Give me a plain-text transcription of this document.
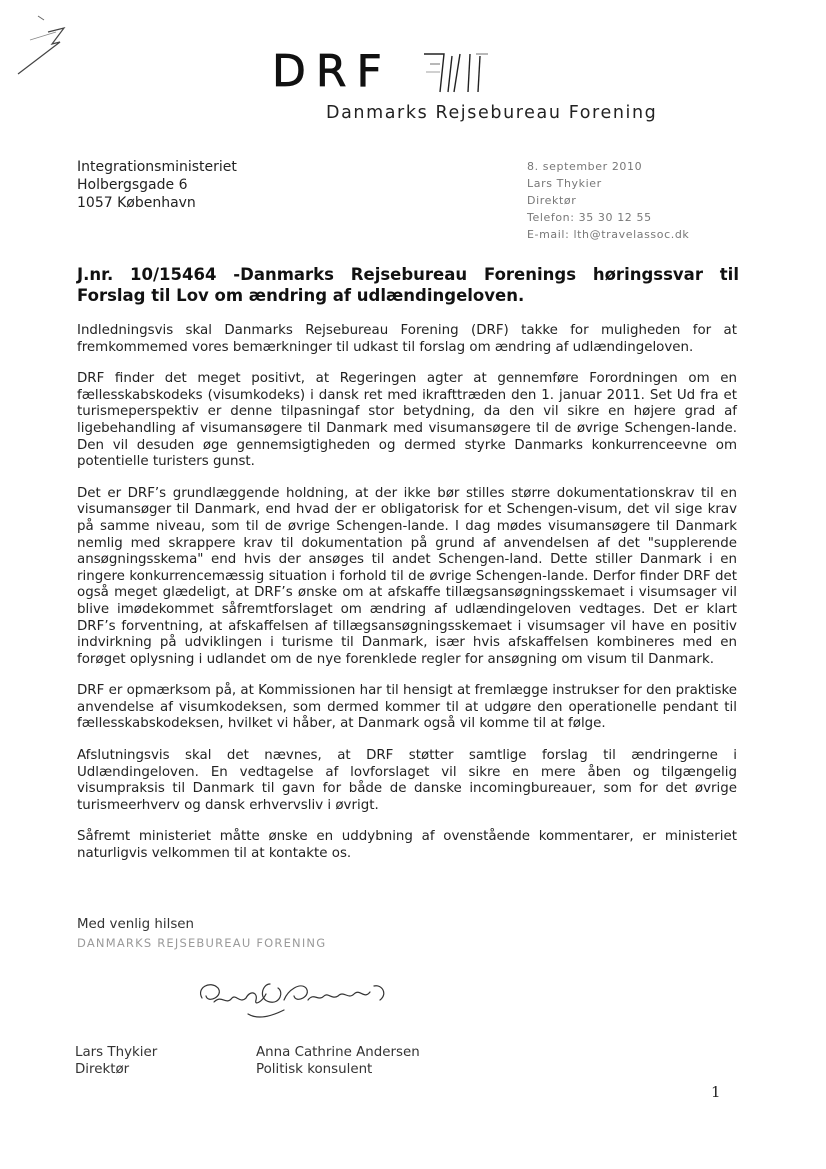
DRF
Danmarks Rejsebureau Forening
Integrationsministeriet
Holbergsgade 6
1057 København
8. september 2010
Lars Thykier
Direktør
Telefon: 35 30 12 55
E-mail: lth@travelassoc.dk
J.nr. 10/15464 -Danmarks Rejsebureau Forenings høringssvar til Forslag til Lov om ændring af udlændingeloven.

Indledningsvis skal Danmarks Rejsebureau Forening (DRF) takke for muligheden for at fremkommemed vores bemærkninger til udkast til forslag om ændring af udlændingeloven.

DRF finder det meget positivt, at Regeringen agter at gennemføre Forordningen om en fællesskabskodeks (visumkodeks) i dansk ret med ikrafttræden den 1. januar 2011. Set Ud fra et turismeperspektiv er denne tilpasningaf stor betydning, da den vil sikre en højere grad af ligebehandling af visumansøgere til Danmark med visumansøgere til de øvrige Schengen-lande. Den vil desuden øge gennemsigtigheden og dermed styrke Danmarks konkurrenceevne om potentielle turisters gunst.

Det er DRF’s grundlæggende holdning, at der ikke bør stilles større dokumentationskrav til en visumansøger til Danmark, end hvad der er obligatorisk for et Schengen-visum, det vil sige krav på samme niveau, som til de øvrige Schengen-lande. I dag mødes visumansøgere til Danmark nemlig med skrappere krav til dokumentation på grund af anvendelsen af det "supplerende ansøgningsskema" end hvis der ansøges til andet Schengen-land. Dette stiller Danmark i en ringere konkurrencemæssig situation i forhold til de øvrige Schengen-lande. Derfor finder DRF det også meget glædeligt, at DRF’s ønske om at afskaffe tillægsansøgningsskemaet i visumsager vil blive imødekommet såfremtforslaget om ændring af udlændingeloven vedtages. Det er klart DRF’s forventning, at afskaffelsen af tillægsansøgningsskemaet i visumsager vil have en positiv indvirkning på udviklingen i turisme til Danmark, især hvis afskaffelsen kombineres med en forøget oplysning i udlandet om de nye forenklede regler for ansøgning om visum til Danmark.

DRF er opmærksom på, at Kommissionen har til hensigt at fremlægge instrukser for den praktiske anvendelse af visumkodeksen, som dermed kommer til at udgøre den operationelle pendant til fællesskabskodeksen, hvilket vi håber, at Danmark også vil komme til at følge.

Afslutningsvis skal det nævnes, at DRF støtter samtlige forslag til ændringerne i Udlændingeloven. En vedtagelse af lovforslaget vil sikre en mere åben og tilgængelig visumpraksis til Danmark til gavn for både de danske incomingbureauer, som for det øvrige turismeerhverv og dansk erhvervsliv i øvrigt.

Såfremt ministeriet måtte ønske en uddybning af ovenstående kommentarer, er ministeriet naturligvis velkommen til at kontakte os.

Med venlig hilsen
DANMARKS REJSEBUREAU FORENING
Lars Thykier
Direktør
Anna Cathrine Andersen
Politisk konsulent
1
